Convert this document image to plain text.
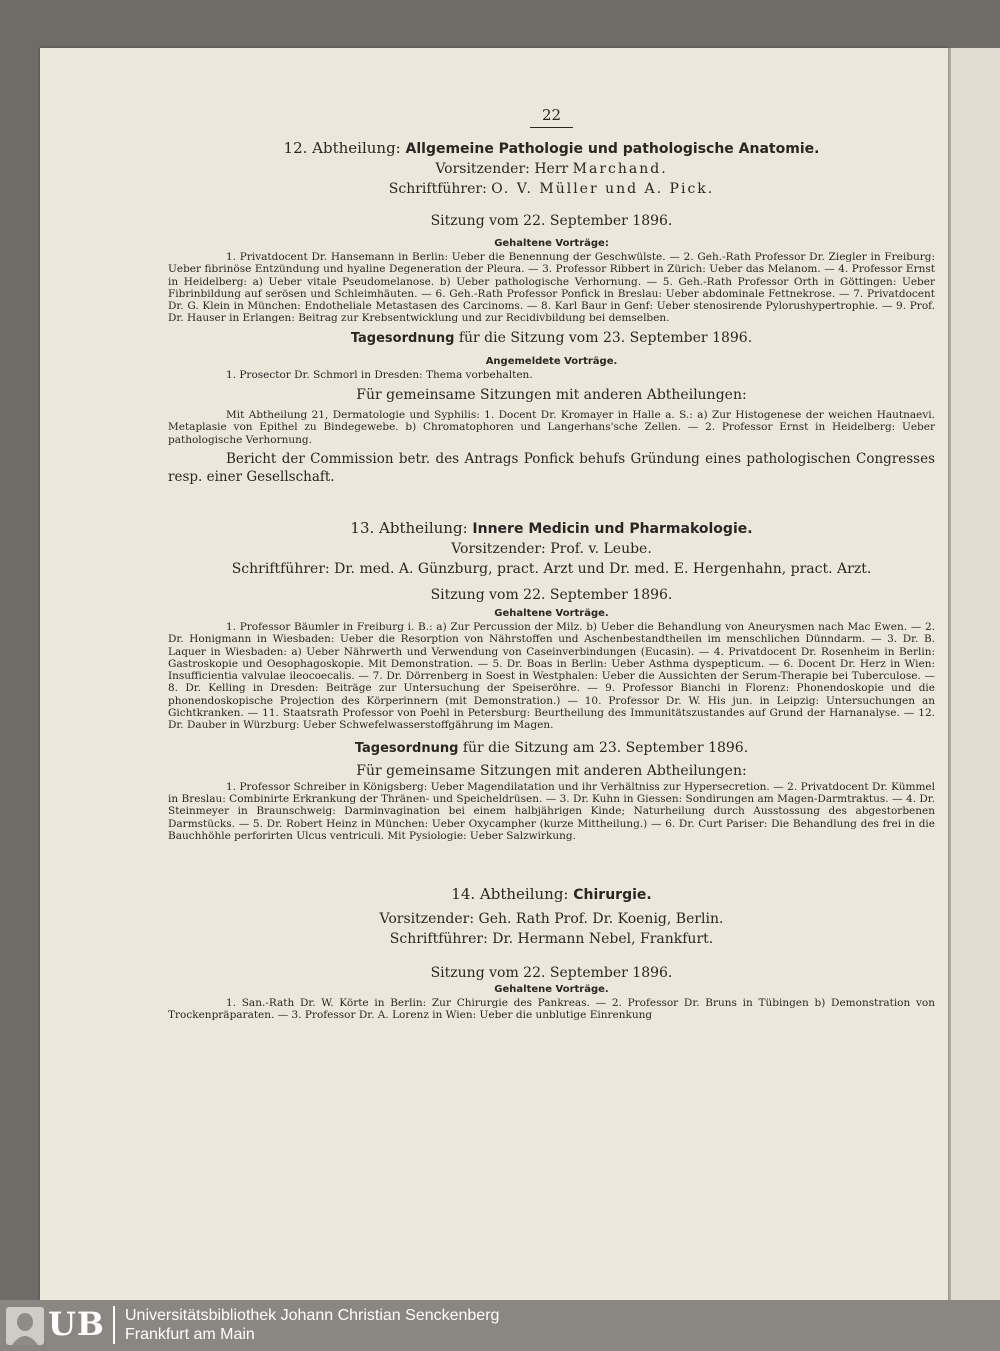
22
12. Abtheilung: Allgemeine Pathologie und pathologische Anatomie.
Vorsitzender: Herr Marchand.
Schriftführer: O. V. Müller und A. Pick.
Sitzung vom 22. September 1896.
Gehaltene Vorträge:
1. Privatdocent Dr. Hansemann in Berlin: Ueber die Benennung der Geschwülste. — 2. Geh.-Rath Professor Dr. Ziegler in Freiburg: Ueber fibrinöse Entzündung und hyaline Degeneration der Pleura. — 3. Professor Ribbert in Zürich: Ueber das Melanom. — 4. Professor Ernst in Heidelberg: a) Ueber vitale Pseudomelanose. b) Ueber pathologische Verhornung. — 5. Geh.-Rath Professor Orth in Göttingen: Ueber Fibrinbildung auf serösen und Schleimhäuten. — 6. Geh.-Rath Professor Ponfick in Breslau: Ueber abdominale Fettnekrose. — 7. Privatdocent Dr. G. Klein in München: Endotheliale Metastasen des Carcinoms. — 8. Karl Baur in Genf: Ueber stenosirende Pylorushypertrophie. — 9. Prof. Dr. Hauser in Erlangen: Beitrag zur Krebsentwicklung und zur Recidivbildung bei demselben.
Tagesordnung für die Sitzung vom 23. September 1896.
Angemeldete Vorträge.
1. Prosector Dr. Schmorl in Dresden: Thema vorbehalten.
Für gemeinsame Sitzungen mit anderen Abtheilungen:
Mit Abtheilung 21, Dermatologie und Syphilis: 1. Docent Dr. Kromayer in Halle a. S.: a) Zur Histogenese der weichen Hautnaevi. Metaplasie von Epithel zu Bindegewebe. b) Chromatophoren und Langerhans'sche Zellen. — 2. Professor Ernst in Heidelberg: Ueber pathologische Verhornung.
Bericht der Commission betr. des Antrags Ponfick behufs Gründung eines pathologischen Congresses resp. einer Gesellschaft.
13. Abtheilung: Innere Medicin und Pharmakologie.
Vorsitzender: Prof. v. Leube.
Schriftführer: Dr. med. A. Günzburg, pract. Arzt und Dr. med. E. Hergenhahn, pract. Arzt.
Sitzung vom 22. September 1896.
Gehaltene Vorträge.
1. Professor Bäumler in Freiburg i. B.: a) Zur Percussion der Milz. b) Ueber die Behandlung von Aneurysmen nach Mac Ewen. — 2. Dr. Honigmann in Wiesbaden: Ueber die Resorption von Nährstoffen und Aschenbestandtheilen im menschlichen Dünndarm. — 3. Dr. B. Laquer in Wiesbaden: a) Ueber Nährwerth und Verwendung von Caseinverbindungen (Eucasin). — 4. Privatdocent Dr. Rosenheim in Berlin: Gastroskopie und Oesophagoskopie. Mit Demonstration. — 5. Dr. Boas in Berlin: Ueber Asthma dyspepticum. — 6. Docent Dr. Herz in Wien: Insufficientia valvulae ileocoecalis. — 7. Dr. Dörrenberg in Soest in Westphalen: Ueber die Aussichten der Serum-Therapie bei Tuberculose. — 8. Dr. Kelling in Dresden: Beiträge zur Untersuchung der Speiseröhre. — 9. Professor Bianchi in Florenz: Phonendoskopie und die phonendoskopische Projection des Körperinnern (mit Demonstration.) — 10. Professor Dr. W. His jun. in Leipzig: Untersuchungen an Gichtkranken. — 11. Staatsrath Professor von Poehl in Petersburg: Beurtheilung des Immunitätszustandes auf Grund der Harnanalyse. — 12. Dr. Dauber in Würzburg: Ueber Schwefelwasserstoffgährung im Magen.
Tagesordnung für die Sitzung am 23. September 1896.
Für gemeinsame Sitzungen mit anderen Abtheilungen:
1. Professor Schreiber in Königsberg: Ueber Magendilatation und ihr Verhältniss zur Hypersecretion. — 2. Privatdocent Dr. Kümmel in Breslau: Combinirte Erkrankung der Thränen- und Speicheldrüsen. — 3. Dr. Kuhn in Giessen: Sondirungen am Magen-Darmtraktus. — 4. Dr. Steinmeyer in Braunschweig: Darminvagination bei einem halbjährigen Kinde; Naturheilung durch Ausstossung des abgestorbenen Darmstücks. — 5. Dr. Robert Heinz in München: Ueber Oxycampher (kurze Mittheilung.) — 6. Dr. Curt Pariser: Die Behandlung des frei in die Bauchhöhle perforirten Ulcus ventriculi. Mit Pysiologie: Ueber Salzwirkung.
14. Abtheilung: Chirurgie.
Vorsitzender: Geh. Rath Prof. Dr. Koenig, Berlin.
Schriftführer: Dr. Hermann Nebel, Frankfurt.
Sitzung vom 22. September 1896.
Gehaltene Vorträge.
1. San.-Rath Dr. W. Körte in Berlin: Zur Chirurgie des Pankreas. — 2. Professor Dr. Bruns in Tübingen b) Demonstration von Trockenpräparaten. — 3. Professor Dr. A. Lorenz in Wien: Ueber die unblutige Einrenkung
UB Universitätsbibliothek Johann Christian Senckenberg
Frankfurt am Main
